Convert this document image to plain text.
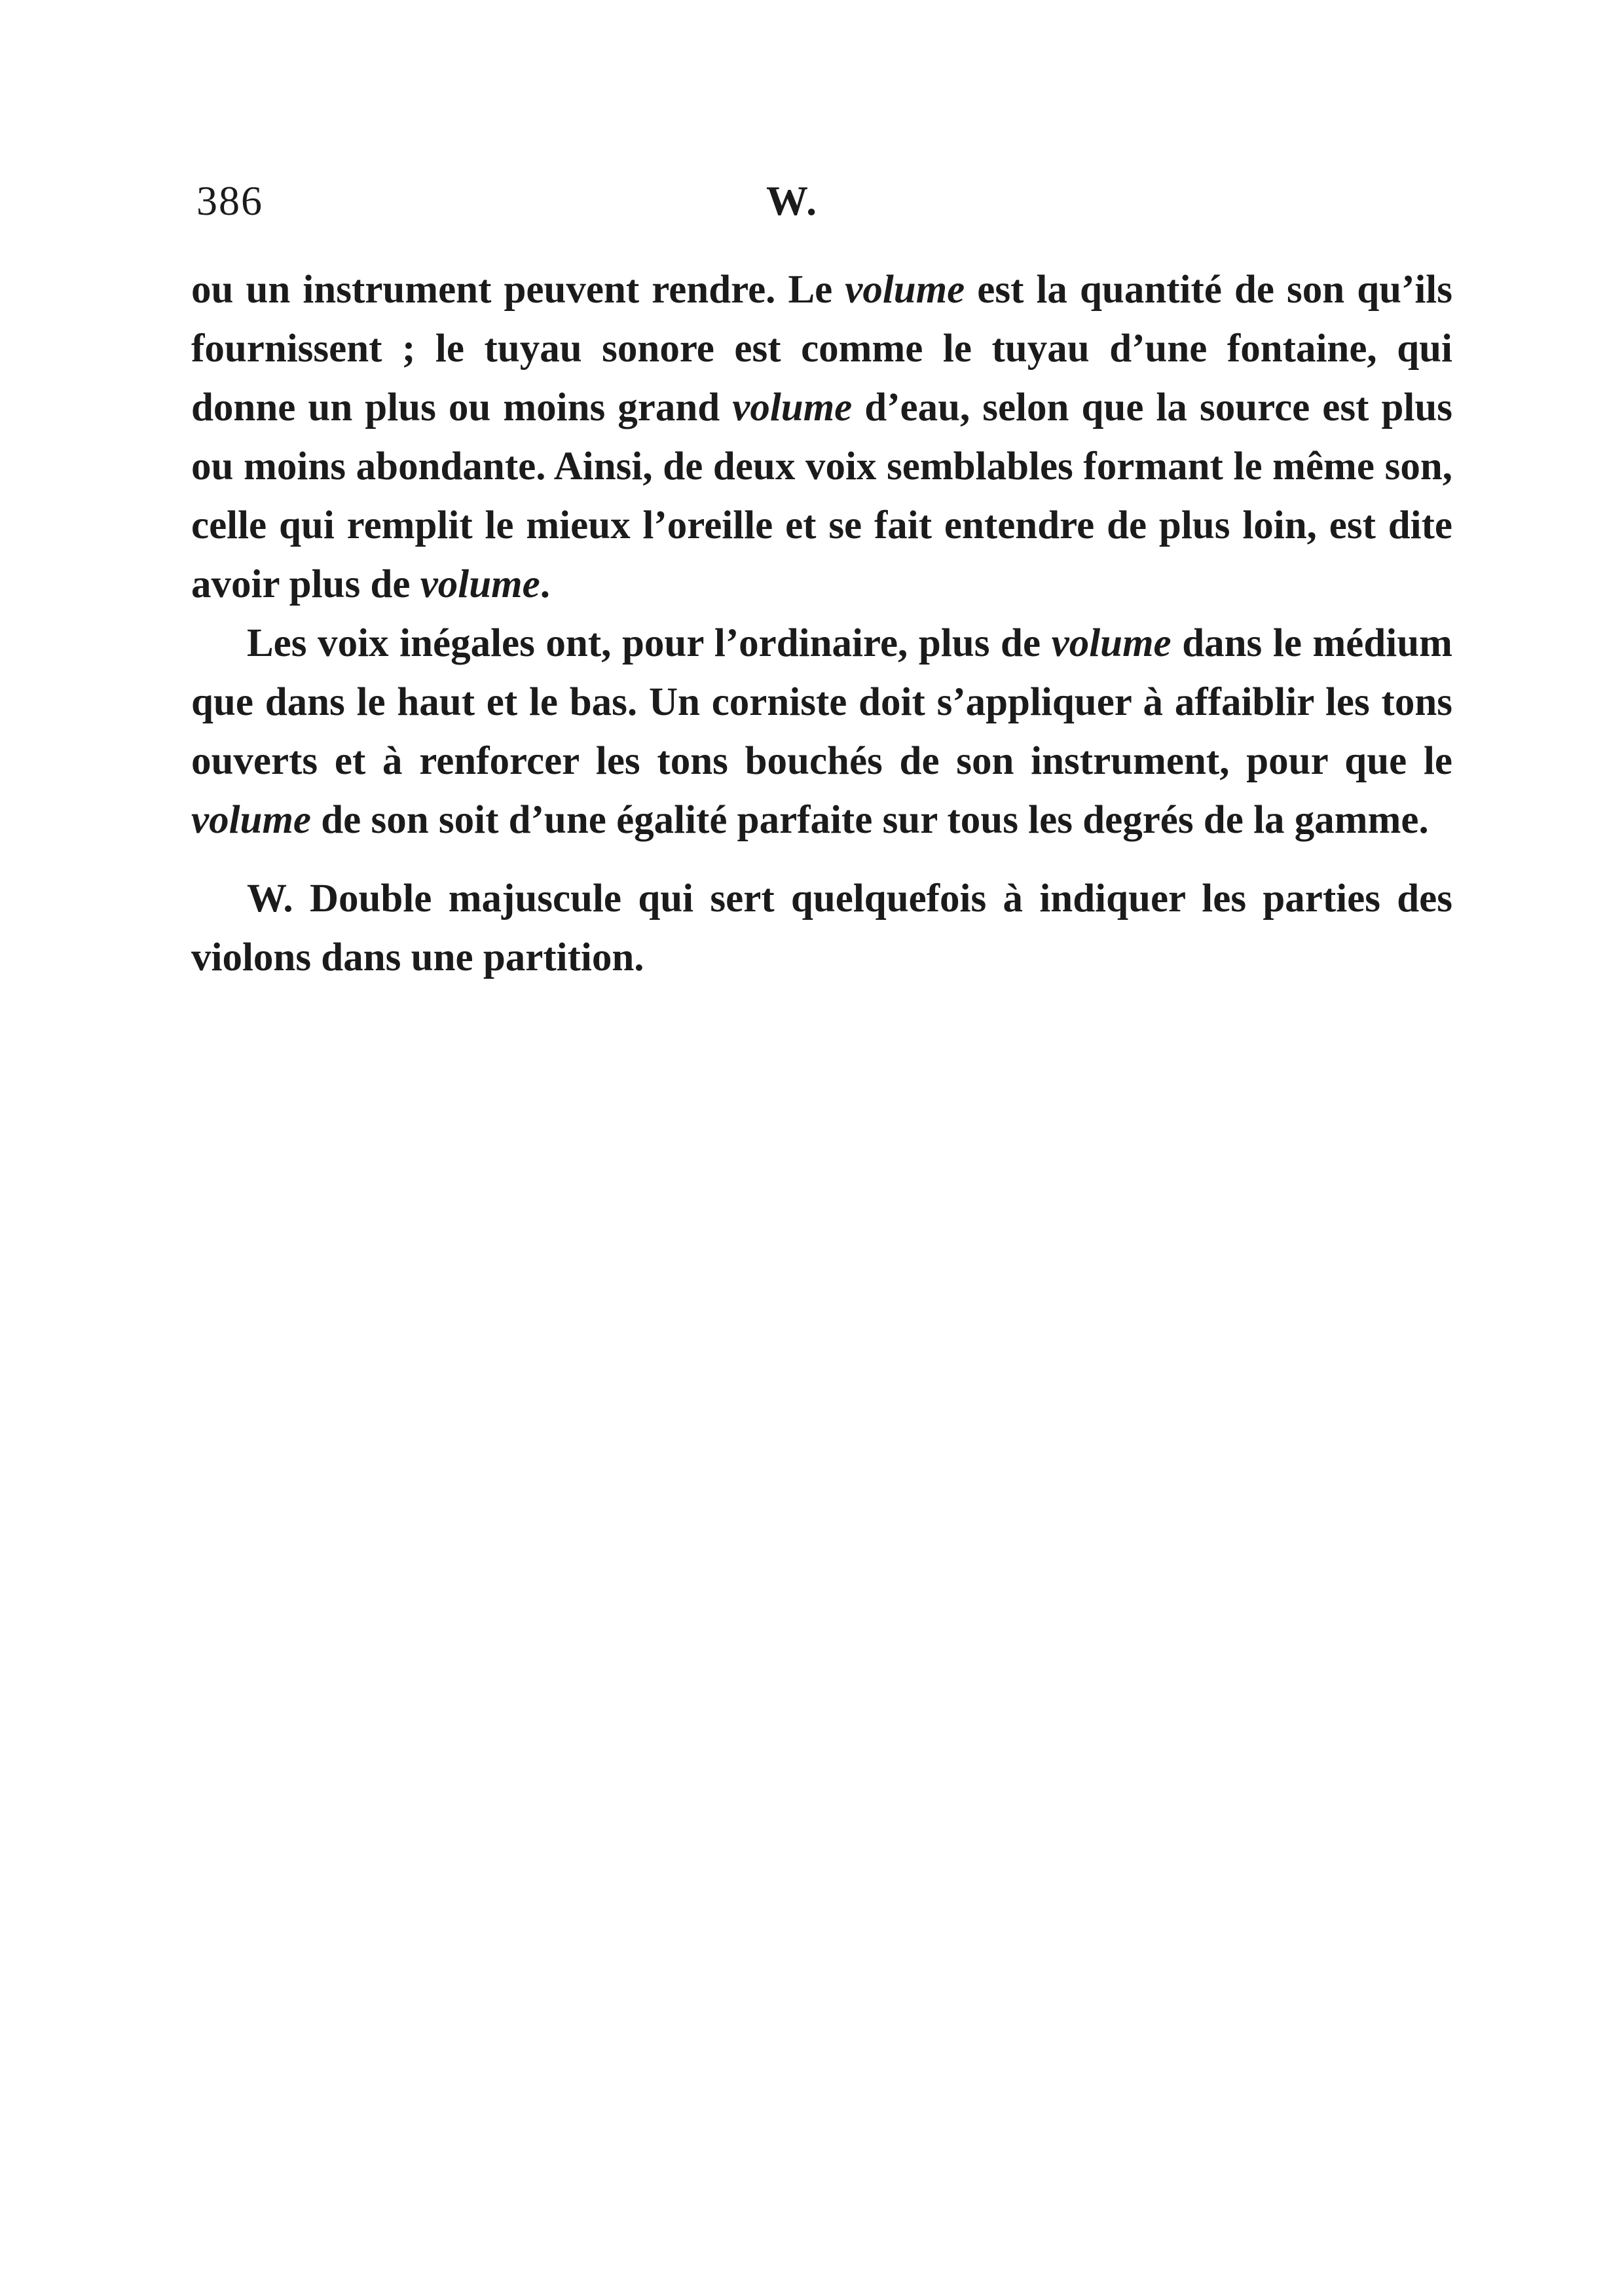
386	W.

ou un instrument peuvent rendre. Le volume est la quantité de son qu’ils fournissent ; le tuyau sonore est comme le tuyau d’une fontaine, qui donne un plus ou moins grand volume d’eau, selon que la source est plus ou moins abondante. Ainsi, de deux voix semblables formant le même son, celle qui remplit le mieux l’oreille et se fait entendre de plus loin, est dite avoir plus de volume.

Les voix inégales ont, pour l’ordinaire, plus de volume dans le médium que dans le haut et le bas. Un corniste doit s’appliquer à affaiblir les tons ouverts et à renforcer les tons bouchés de son instrument, pour que le volume de son soit d’une égalité parfaite sur tous les degrés de la gamme.

W. Double majuscule qui sert quelquefois à indiquer les parties des violons dans une partition.
